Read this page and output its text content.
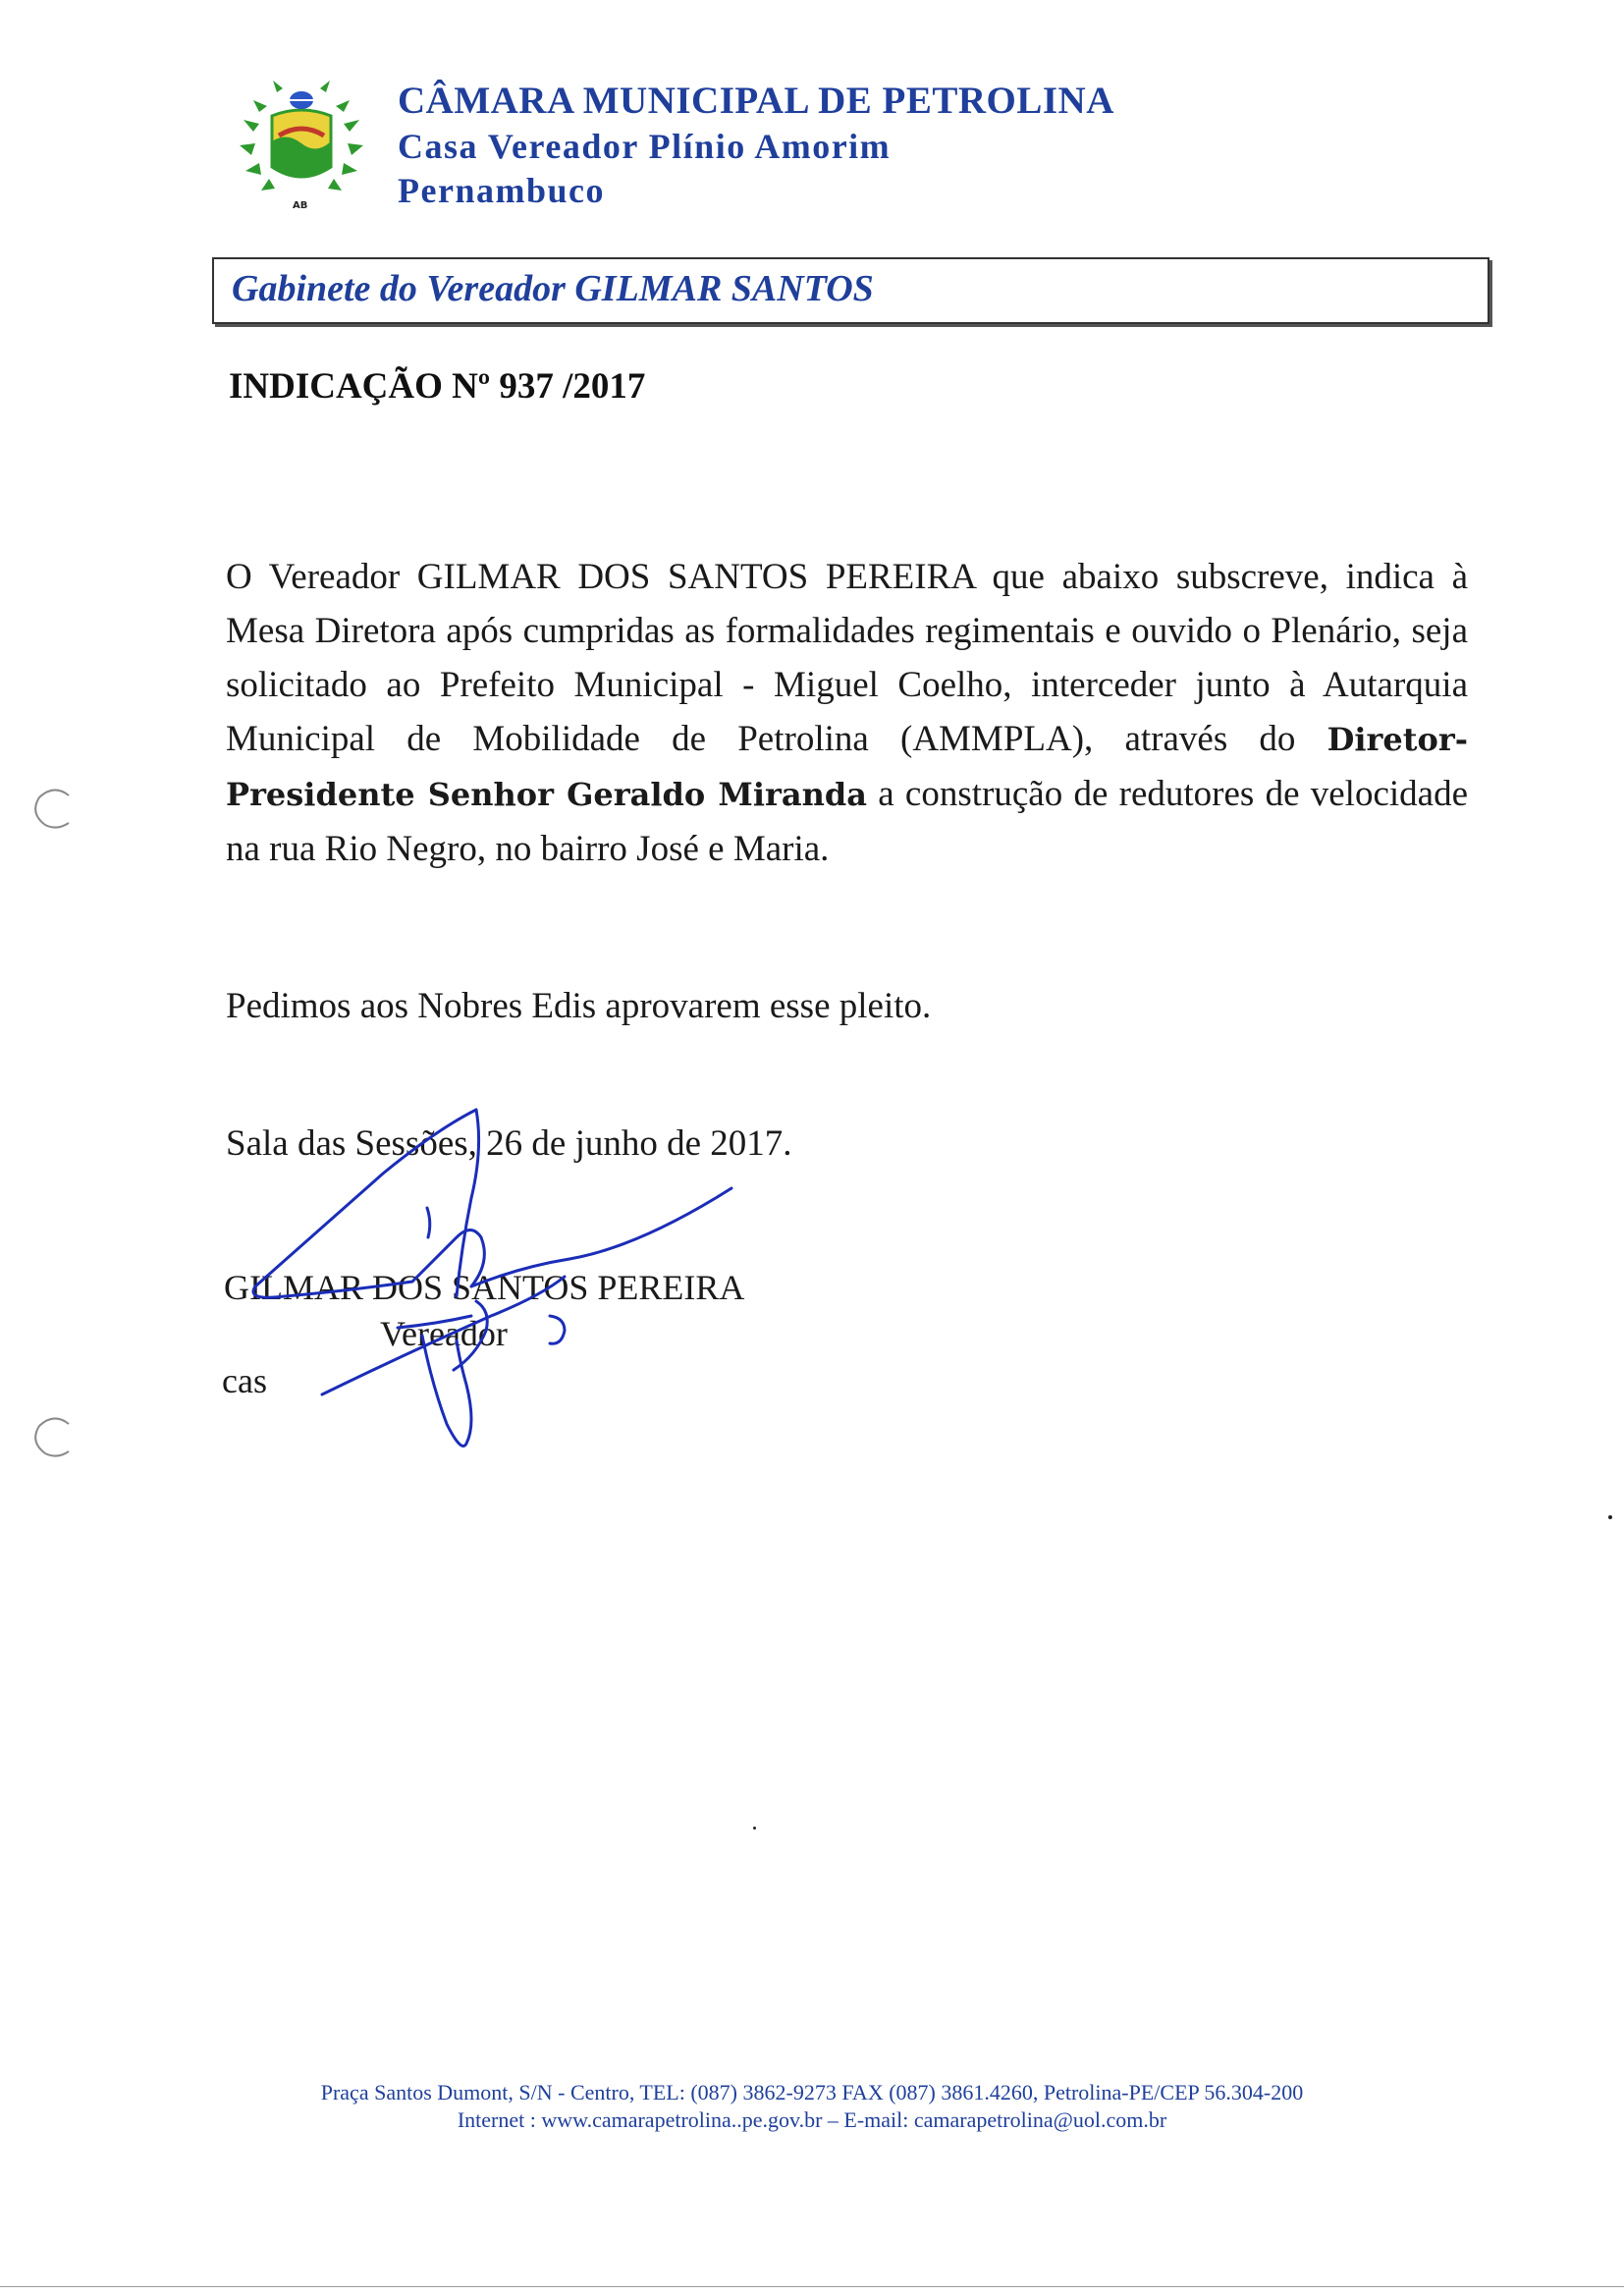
AB
CÂMARA MUNICIPAL DE PETROLINA
Casa Vereador Plínio Amorim
Pernambuco
Gabinete do Vereador GILMAR SANTOS
INDICAÇÃO Nº 937 /2017
O Vereador GILMAR DOS SANTOS PEREIRA que abaixo subscreve, indica à Mesa Diretora após cumpridas as formalidades regimentais e ouvido o Plenário, seja solicitado ao Prefeito Municipal - Miguel Coelho, interceder junto à Autarquia Municipal de Mobilidade de Petrolina (AMMPLA), através do Diretor-Presidente Senhor Geraldo Miranda a construção de redutores de velocidade na rua Rio Negro, no bairro José e Maria.
Pedimos aos Nobres Edis aprovarem esse pleito.
Sala das Sessões, 26 de junho de 2017.
GILMAR DOS SANTOS PEREIRA
Vereador
cas
Praça Santos Dumont, S/N - Centro, TEL: (087) 3862-9273 FAX (087) 3861.4260, Petrolina-PE/CEP 56.304-200
Internet : www.camarapetrolina..pe.gov.br – E-mail: camarapetrolina@uol.com.br
